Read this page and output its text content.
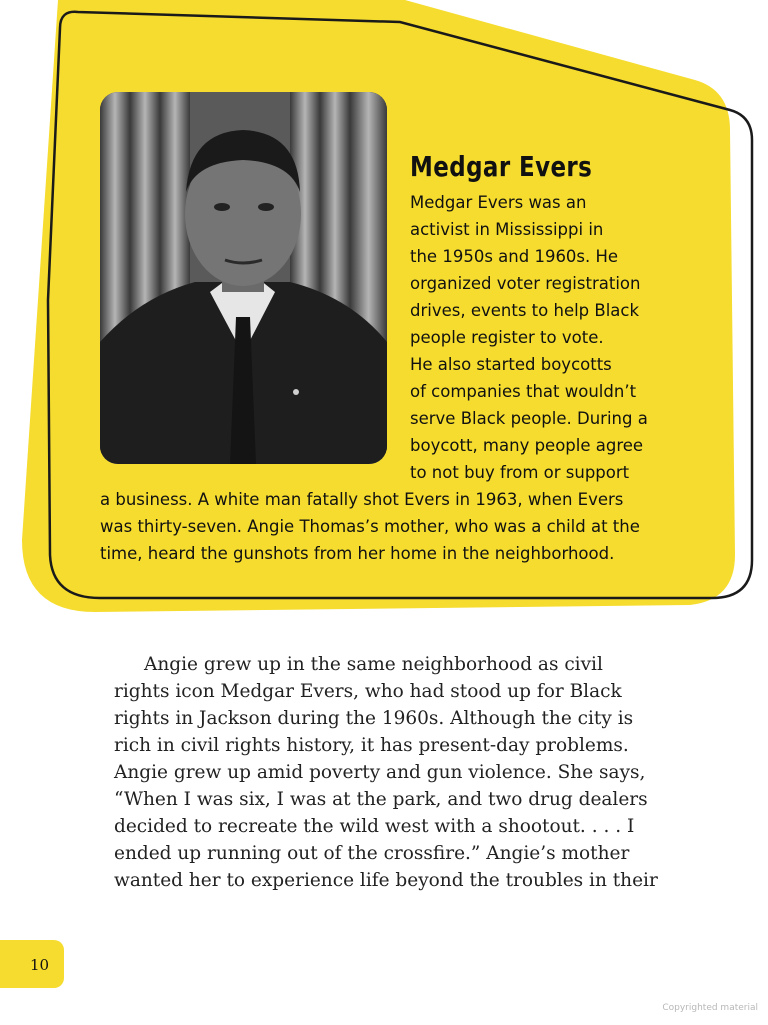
Medgar Evers
Medgar Evers was an
activist in Mississippi in
the 1950s and 1960s. He
organized voter registration
drives, events to help Black
people register to vote.
He also started boycotts
of companies that wouldn’t
serve Black people. During a
boycott, many people agree
to not buy from or support
a business. A white man fatally shot Evers in 1963, when Evers
was thirty-seven. Angie Thomas’s mother, who was a child at the
time, heard the gunshots from her home in the neighborhood.
Angie grew up in the same neighborhood as civil
rights icon Medgar Evers, who had stood up for Black
rights in Jackson during the 1960s. Although the city is
rich in civil rights history, it has present-day problems.
Angie grew up amid poverty and gun violence. She says,
“When I was six, I was at the park, and two drug dealers
decided to recreate the wild west with a shootout. . . . I
ended up running out of the crossfire.” Angie’s mother
wanted her to experience life beyond the troubles in their
10
Copyrighted material
